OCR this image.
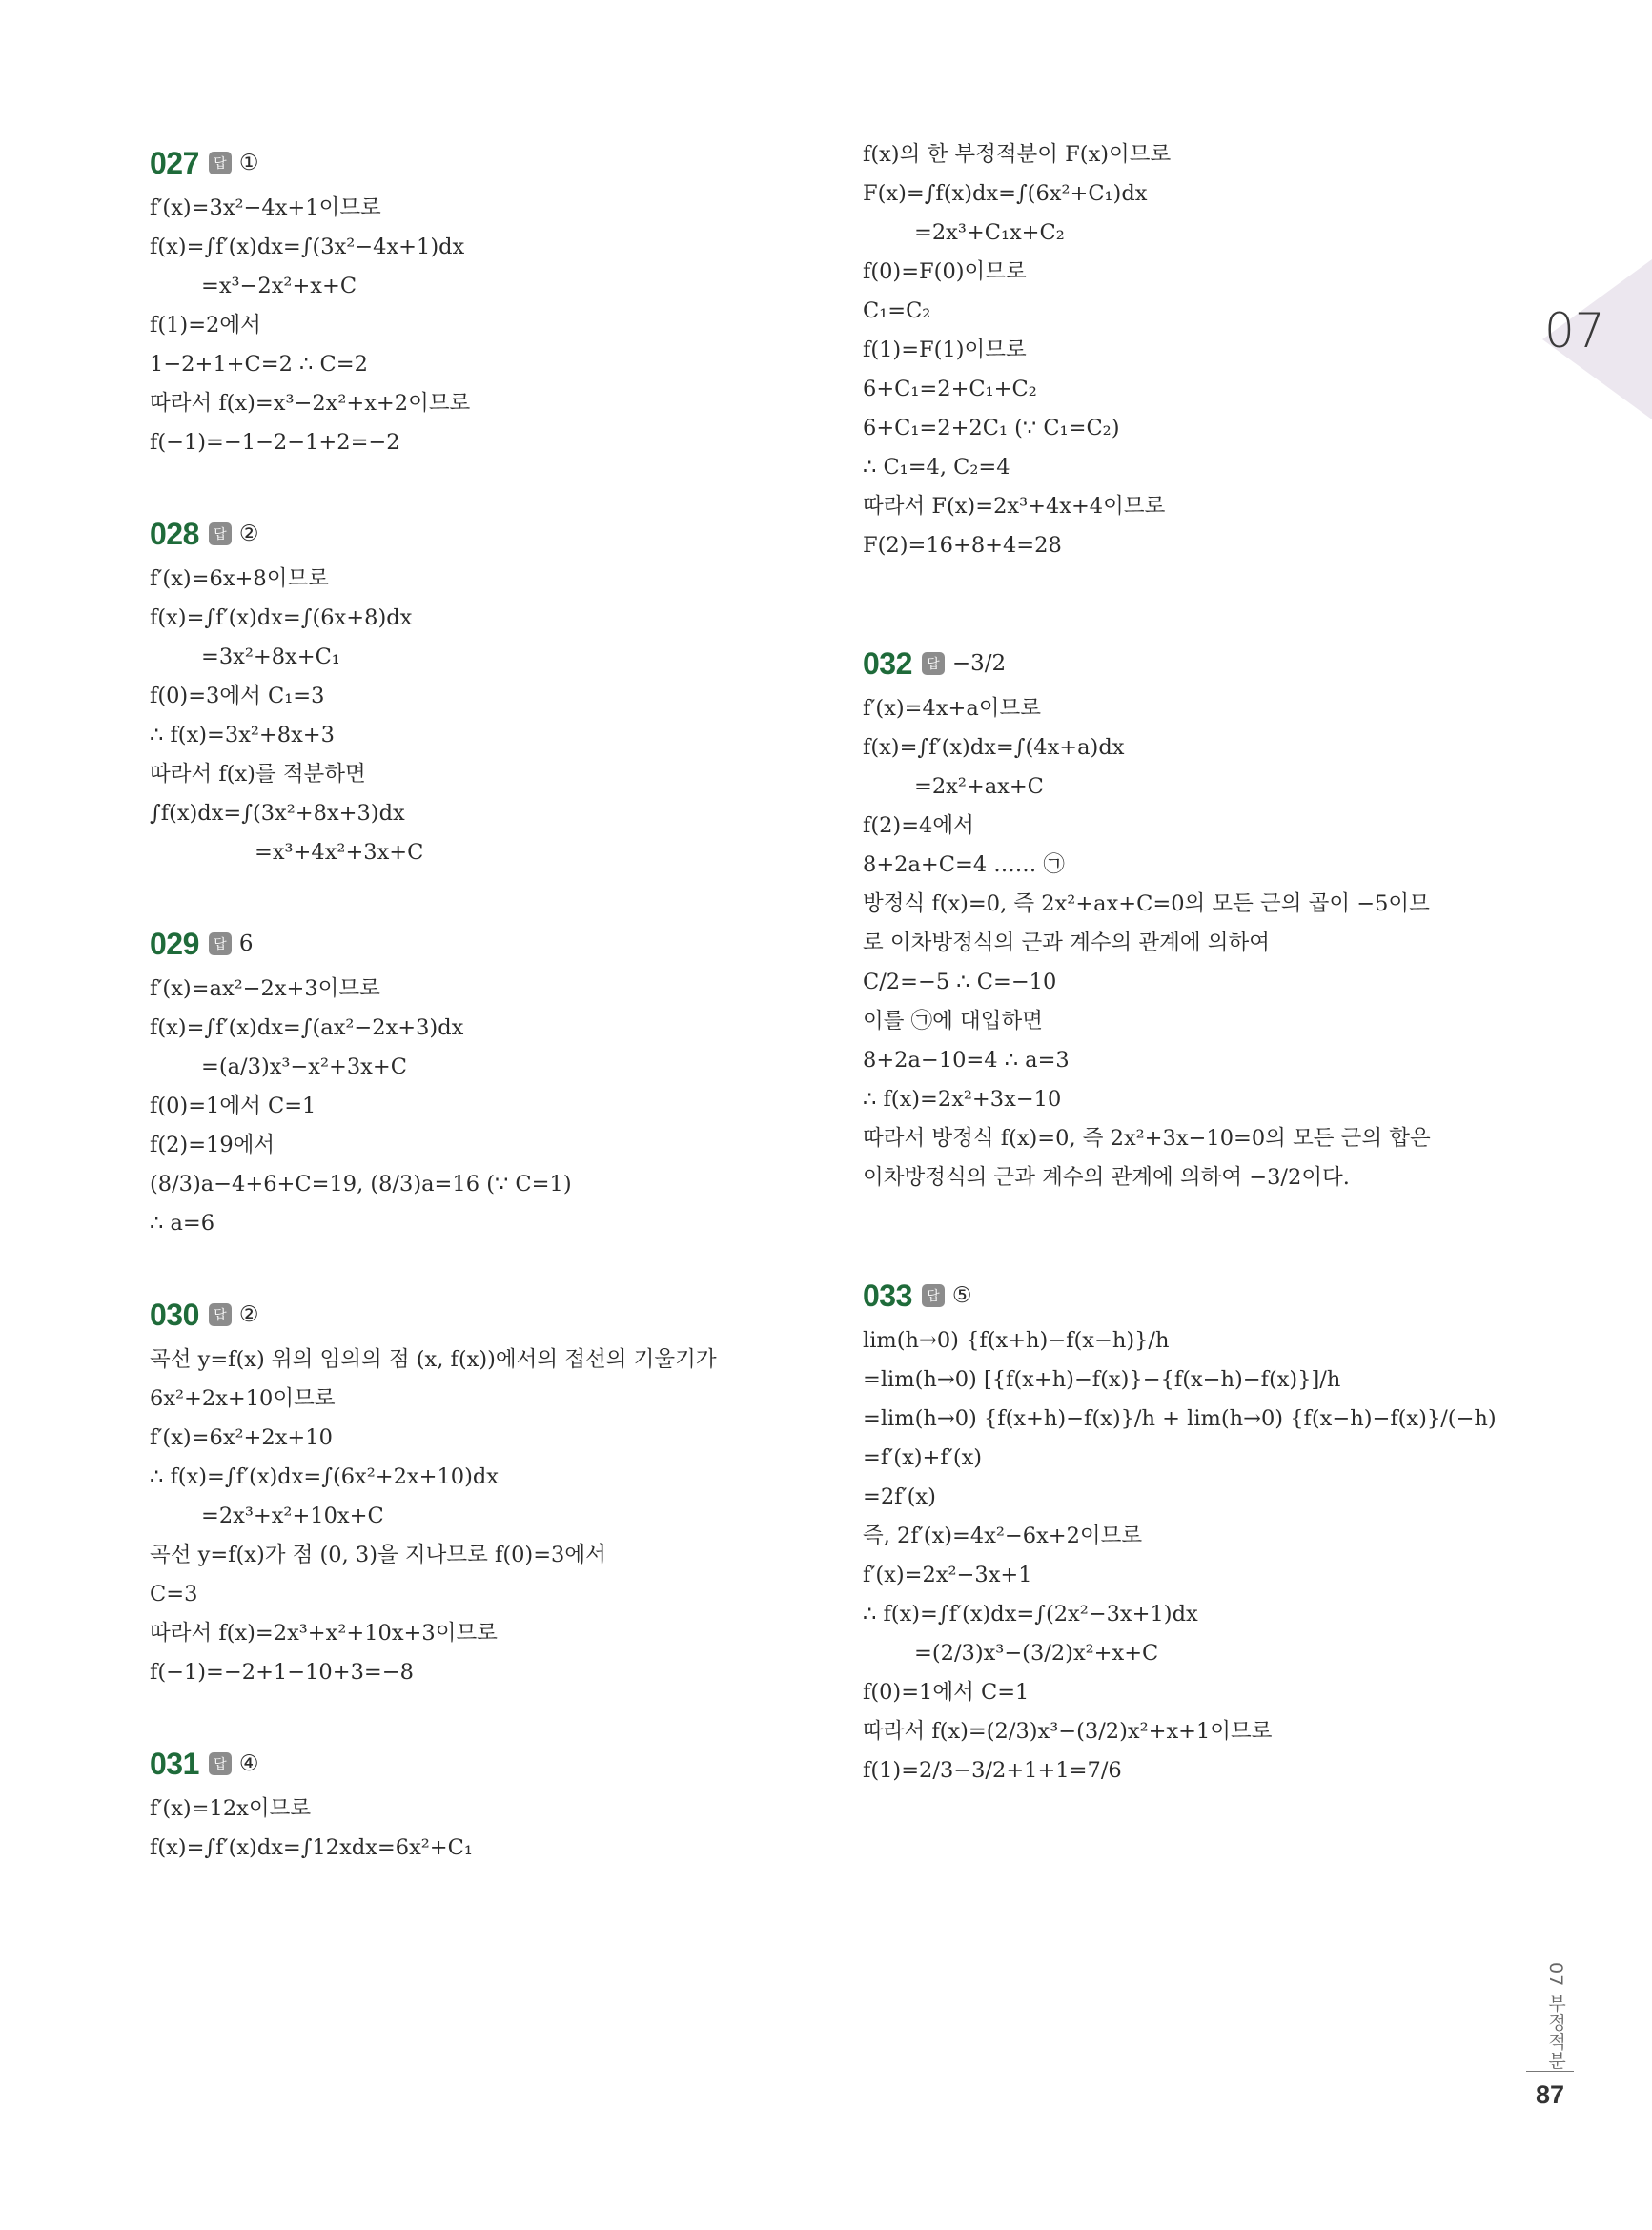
07
027	답 ①
f′(x)=3x²−4x+1이므로
f(x)=∫f′(x)dx=∫(3x²−4x+1)dx
=x³−2x²+x+C
f(1)=2에서
1−2+1+C=2 ∴ C=2
따라서 f(x)=x³−2x²+x+2이므로
f(−1)=−1−2−1+2=−2
028	답 ②
f′(x)=6x+8이므로
f(x)=∫f′(x)dx=∫(6x+8)dx
=3x²+8x+C₁
f(0)=3에서 C₁=3
∴ f(x)=3x²+8x+3
따라서 f(x)를 적분하면
∫f(x)dx=∫(3x²+8x+3)dx
=x³+4x²+3x+C
029	답 6
f′(x)=ax²−2x+3이므로
f(x)=∫f′(x)dx=∫(ax²−2x+3)dx
=(a/3)x³−x²+3x+C
f(0)=1에서 C=1
f(2)=19에서
(8/3)a−4+6+C=19, (8/3)a=16 (∵ C=1)
∴ a=6
030	답 ②
곡선 y=f(x) 위의 임의의 점 (x, f(x))에서의 접선의 기울기가
6x²+2x+10이므로
f′(x)=6x²+2x+10
∴ f(x)=∫f′(x)dx=∫(6x²+2x+10)dx
=2x³+x²+10x+C
곡선 y=f(x)가 점 (0, 3)을 지나므로 f(0)=3에서
C=3
따라서 f(x)=2x³+x²+10x+3이므로
f(−1)=−2+1−10+3=−8
031	답 ④
f′(x)=12x이므로
f(x)=∫f′(x)dx=∫12xdx=6x²+C₁
f(x)의 한 부정적분이 F(x)이므로
F(x)=∫f(x)dx=∫(6x²+C₁)dx
=2x³+C₁x+C₂
f(0)=F(0)이므로
C₁=C₂
f(1)=F(1)이므로
6+C₁=2+C₁+C₂
6+C₁=2+2C₁ (∵ C₁=C₂)
∴ C₁=4, C₂=4
따라서 F(x)=2x³+4x+4이므로
F(2)=16+8+4=28
032	답 −3/2
f′(x)=4x+a이므로
f(x)=∫f′(x)dx=∫(4x+a)dx
=2x²+ax+C
f(2)=4에서
8+2a+C=4 …… ㉠
방정식 f(x)=0, 즉 2x²+ax+C=0의 모든 근의 곱이 −5이므
로 이차방정식의 근과 계수의 관계에 의하여
C/2=−5 ∴ C=−10
이를 ㉠에 대입하면
8+2a−10=4 ∴ a=3
∴ f(x)=2x²+3x−10
따라서 방정식 f(x)=0, 즉 2x²+3x−10=0의 모든 근의 합은
이차방정식의 근과 계수의 관계에 의하여 −3/2이다.
033	답 ⑤
lim(h→0) {f(x+h)−f(x−h)}/h
=lim(h→0) [{f(x+h)−f(x)}−{f(x−h)−f(x)}]/h
=lim(h→0) {f(x+h)−f(x)}/h + lim(h→0) {f(x−h)−f(x)}/(−h)
=f′(x)+f′(x)
=2f′(x)
즉, 2f′(x)=4x²−6x+2이므로
f′(x)=2x²−3x+1
∴ f(x)=∫f′(x)dx=∫(2x²−3x+1)dx
=(2/3)x³−(3/2)x²+x+C
f(0)=1에서 C=1
따라서 f(x)=(2/3)x³−(3/2)x²+x+1이므로
f(1)=2/3−3/2+1+1=7/6
07 부정적분
87
